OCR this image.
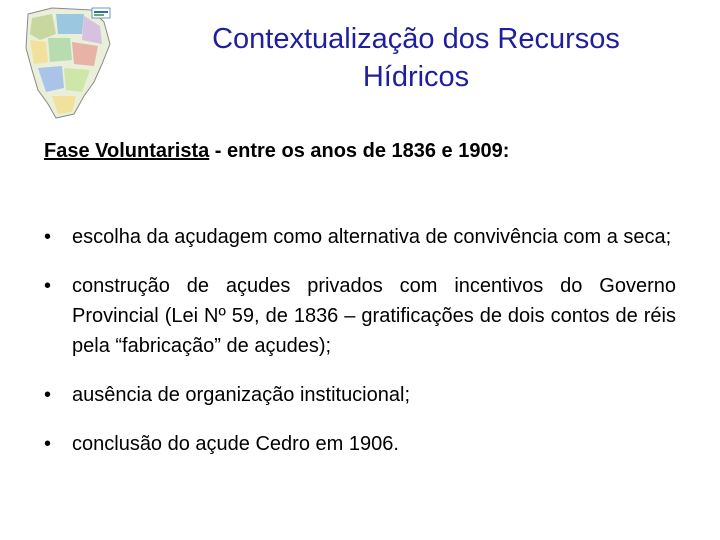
Contextualização dos Recursos
Hídricos

Fase Voluntarista - entre os anos de 1836 e 1909:

• escolha da açudagem como alternativa de convivência com a seca;
• construção de açudes privados com incentivos do Governo Provincial (Lei Nº 59, de 1836 – gratificações de dois contos de réis pela “fabricação” de açudes);
• ausência de organização institucional;
• conclusão do açude Cedro em 1906.
